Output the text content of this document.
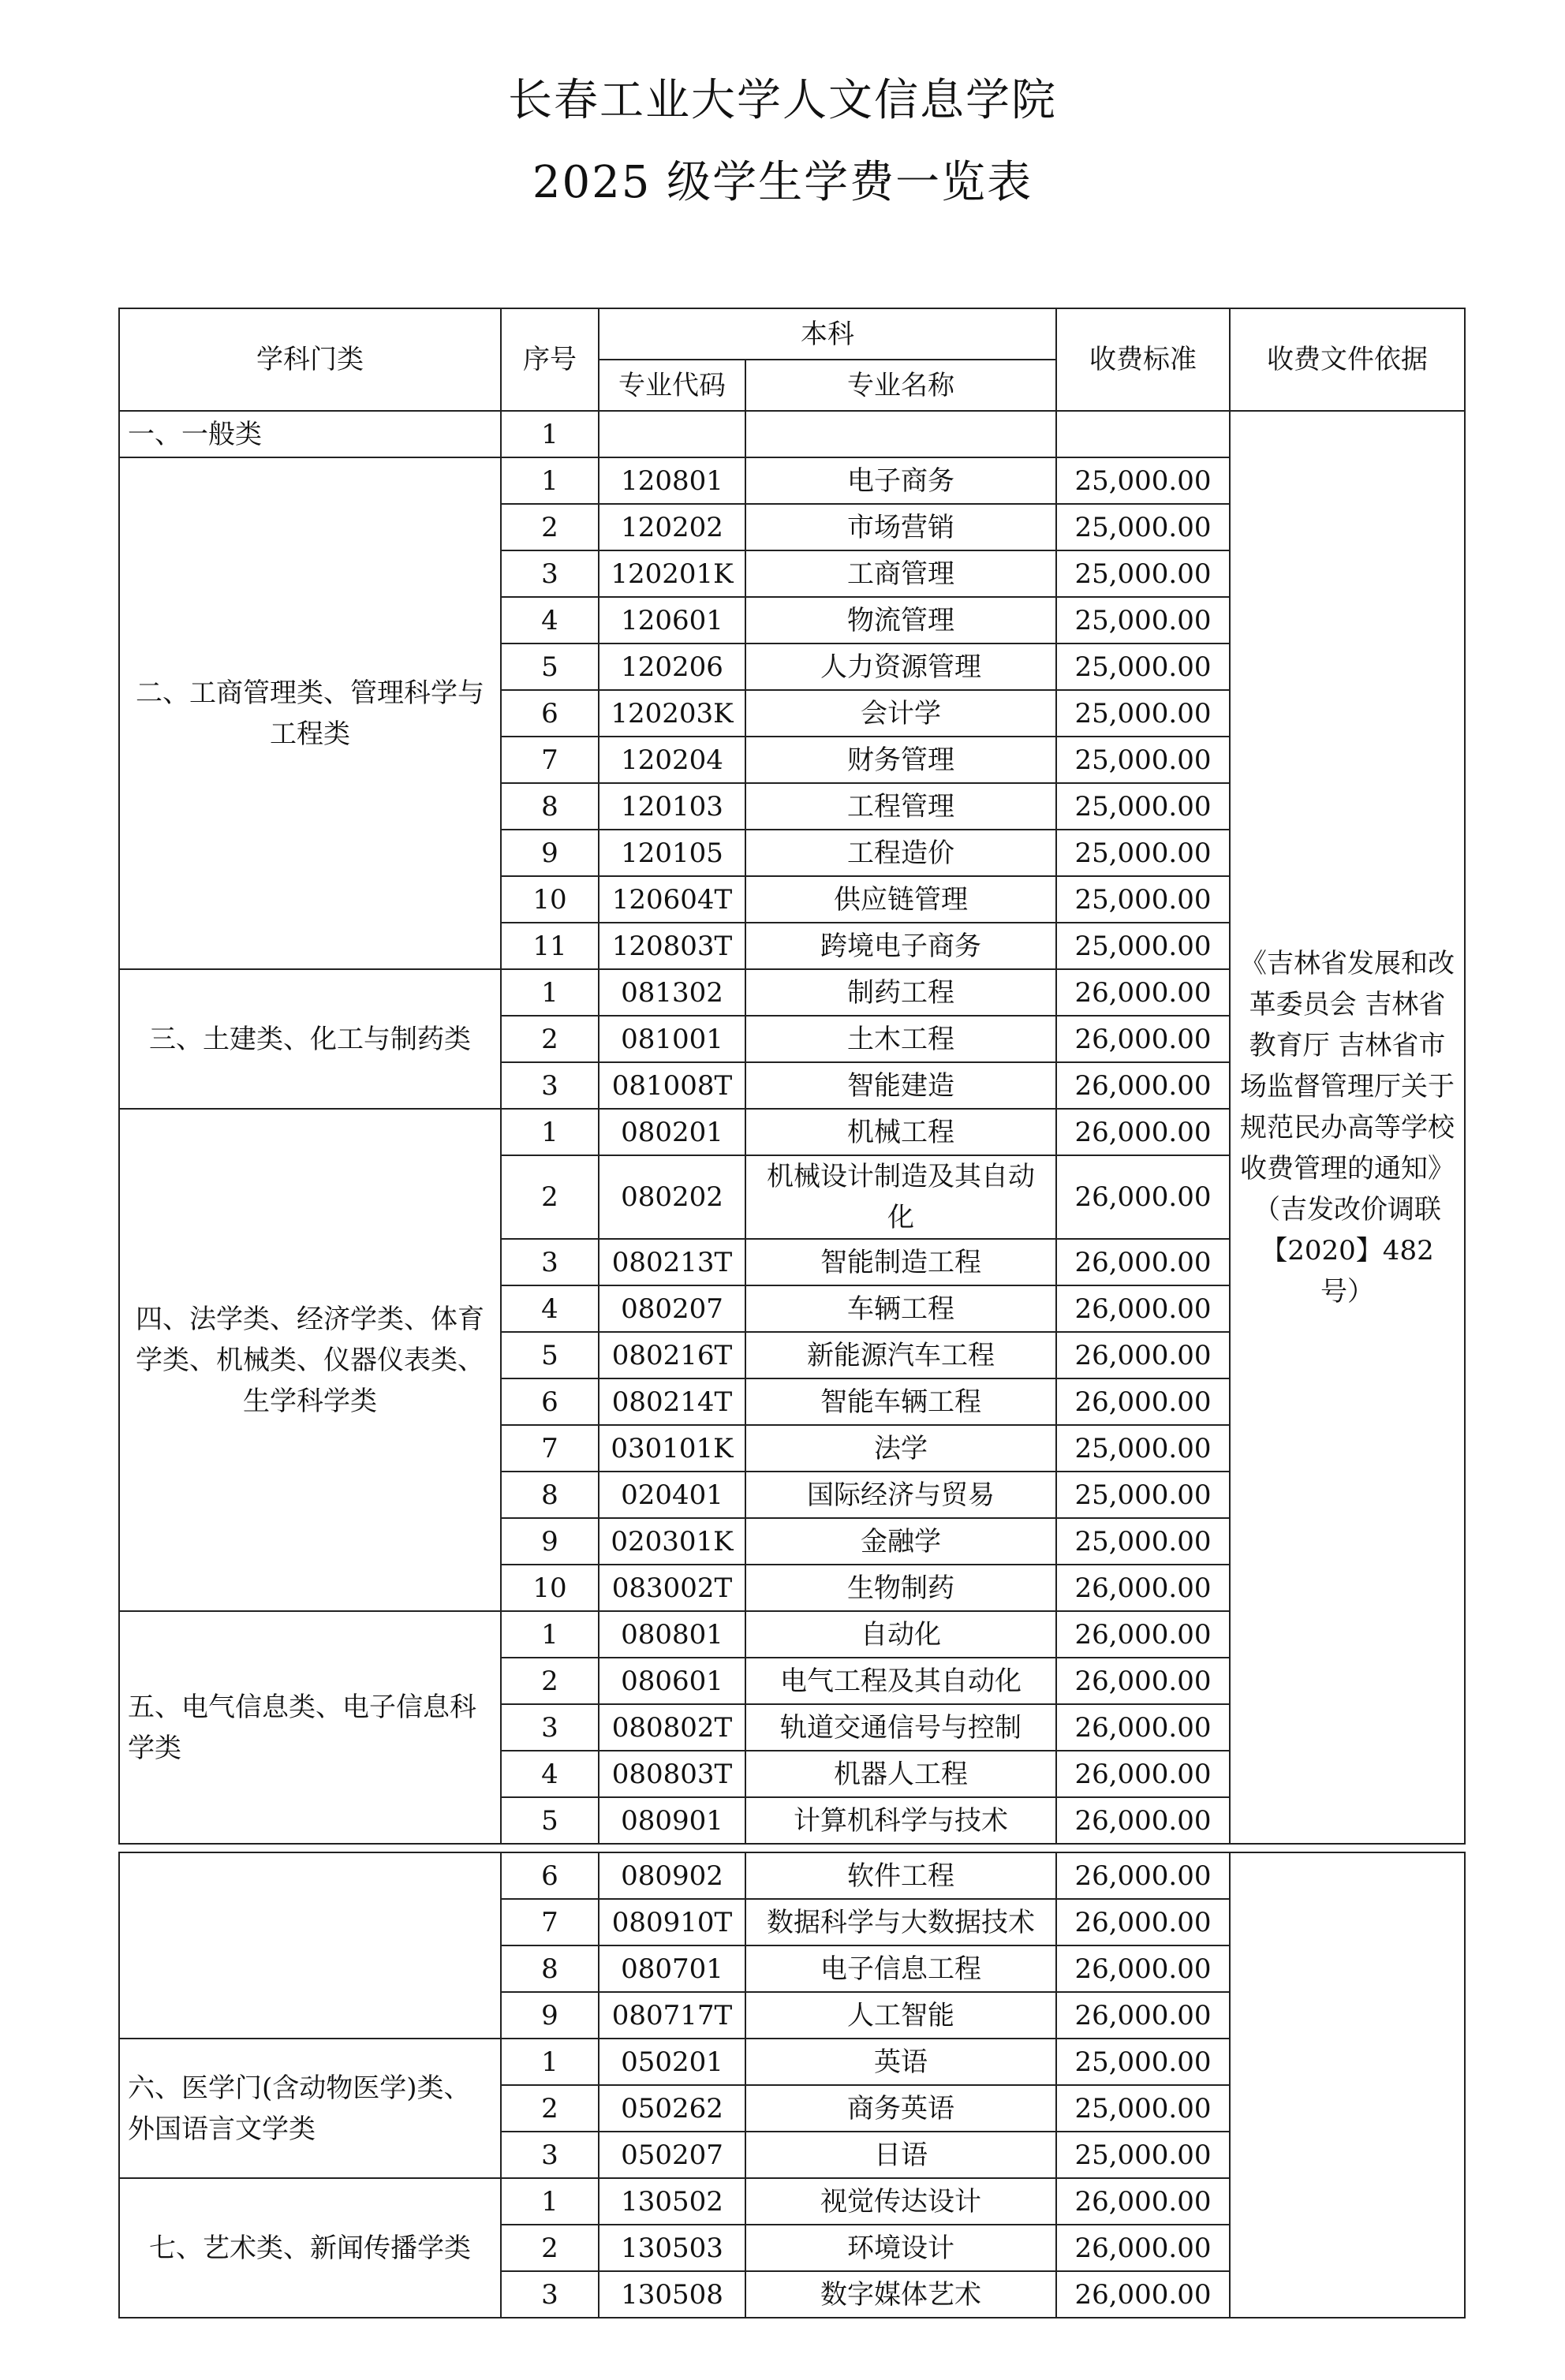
长春工业大学人文信息学院
2025 级学生学费一览表
学科门类	序号	本科		收费标准	收费文件依据
		专业代码	专业名称		
一、一般类	1				《吉林省发展和改革委员会 吉林省教育厅 吉林省市场监督管理厅关于规范民办高等学校收费管理的通知》（吉发改价调联【2020】482 号）
二、工商管理类、管理科学与工程类	1	120801	电子商务	25,000.00	
	2	120202	市场营销	25,000.00	
	3	120201K	工商管理	25,000.00	
	4	120601	物流管理	25,000.00	
	5	120206	人力资源管理	25,000.00	
	6	120203K	会计学	25,000.00	
	7	120204	财务管理	25,000.00	
	8	120103	工程管理	25,000.00	
	9	120105	工程造价	25,000.00	
	10	120604T	供应链管理	25,000.00	
	11	120803T	跨境电子商务	25,000.00	
三、土建类、化工与制药类	1	081302	制药工程	26,000.00	
	2	081001	土木工程	26,000.00	
	3	081008T	智能建造	26,000.00	
四、法学类、经济学类、体育学类、机械类、仪器仪表类、生学科学类	1	080201	机械工程	26,000.00	
	2	080202	机械设计制造及其自动化	26,000.00	
	3	080213T	智能制造工程	26,000.00	
	4	080207	车辆工程	26,000.00	
	5	080216T	新能源汽车工程	26,000.00	
	6	080214T	智能车辆工程	26,000.00	
	7	030101K	法学	25,000.00	
	8	020401	国际经济与贸易	25,000.00	
	9	020301K	金融学	25,000.00	
	10	083002T	生物制药	26,000.00	
五、电气信息类、电子信息科学类	1	080801	自动化	26,000.00	
	2	080601	电气工程及其自动化	26,000.00	
	3	080802T	轨道交通信号与控制	26,000.00	
	4	080803T	机器人工程	26,000.00	
	5	080901	计算机科学与技术	26,000.00	
	6	080902	软件工程	26,000.00	
	7	080910T	数据科学与大数据技术	26,000.00	
	8	080701	电子信息工程	26,000.00	
	9	080717T	人工智能	26,000.00	
六、医学门(含动物医学)类、外国语言文学类	1	050201	英语	25,000.00	
	2	050262	商务英语	25,000.00	
	3	050207	日语	25,000.00	
七、艺术类、新闻传播学类	1	130502	视觉传达设计	26,000.00	
	2	130503	环境设计	26,000.00	
	3	130508	数字媒体艺术	26,000.00	
